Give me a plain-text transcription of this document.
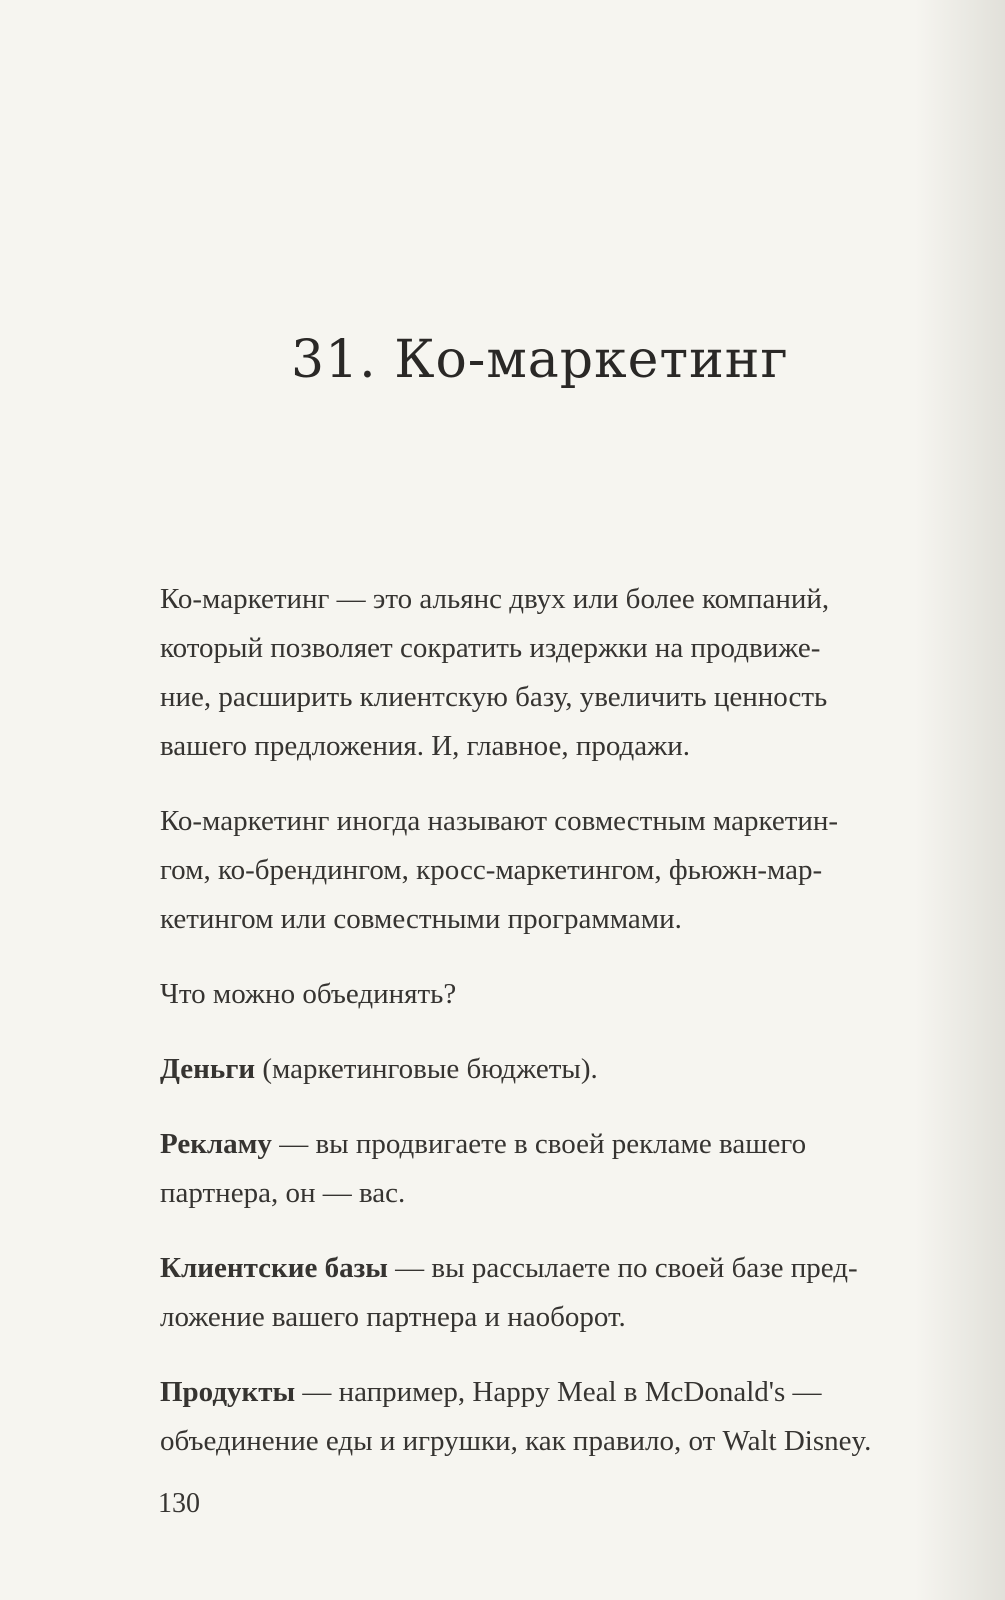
31. Ко-маркетинг

Ко-маркетинг — это альянс двух или более компаний,
который позволяет сократить издержки на продвиже-
ние, расширить клиентскую базу, увеличить ценность
вашего предложения. И, главное, продажи.

Ко-маркетинг иногда называют совместным маркетин-
гом, ко-брендингом, кросс-маркетингом, фьюжн-мар-
кетингом или совместными программами.

Что можно объединять?

Деньги (маркетинговые бюджеты).

Рекламу — вы продвигаете в своей рекламе вашего
партнера, он — вас.

Клиентские базы — вы рассылаете по своей базе пред-
ложение вашего партнера и наоборот.

Продукты — например, Happy Meal в McDonald's —
объединение еды и игрушки, как правило, от Walt Disney.

130
